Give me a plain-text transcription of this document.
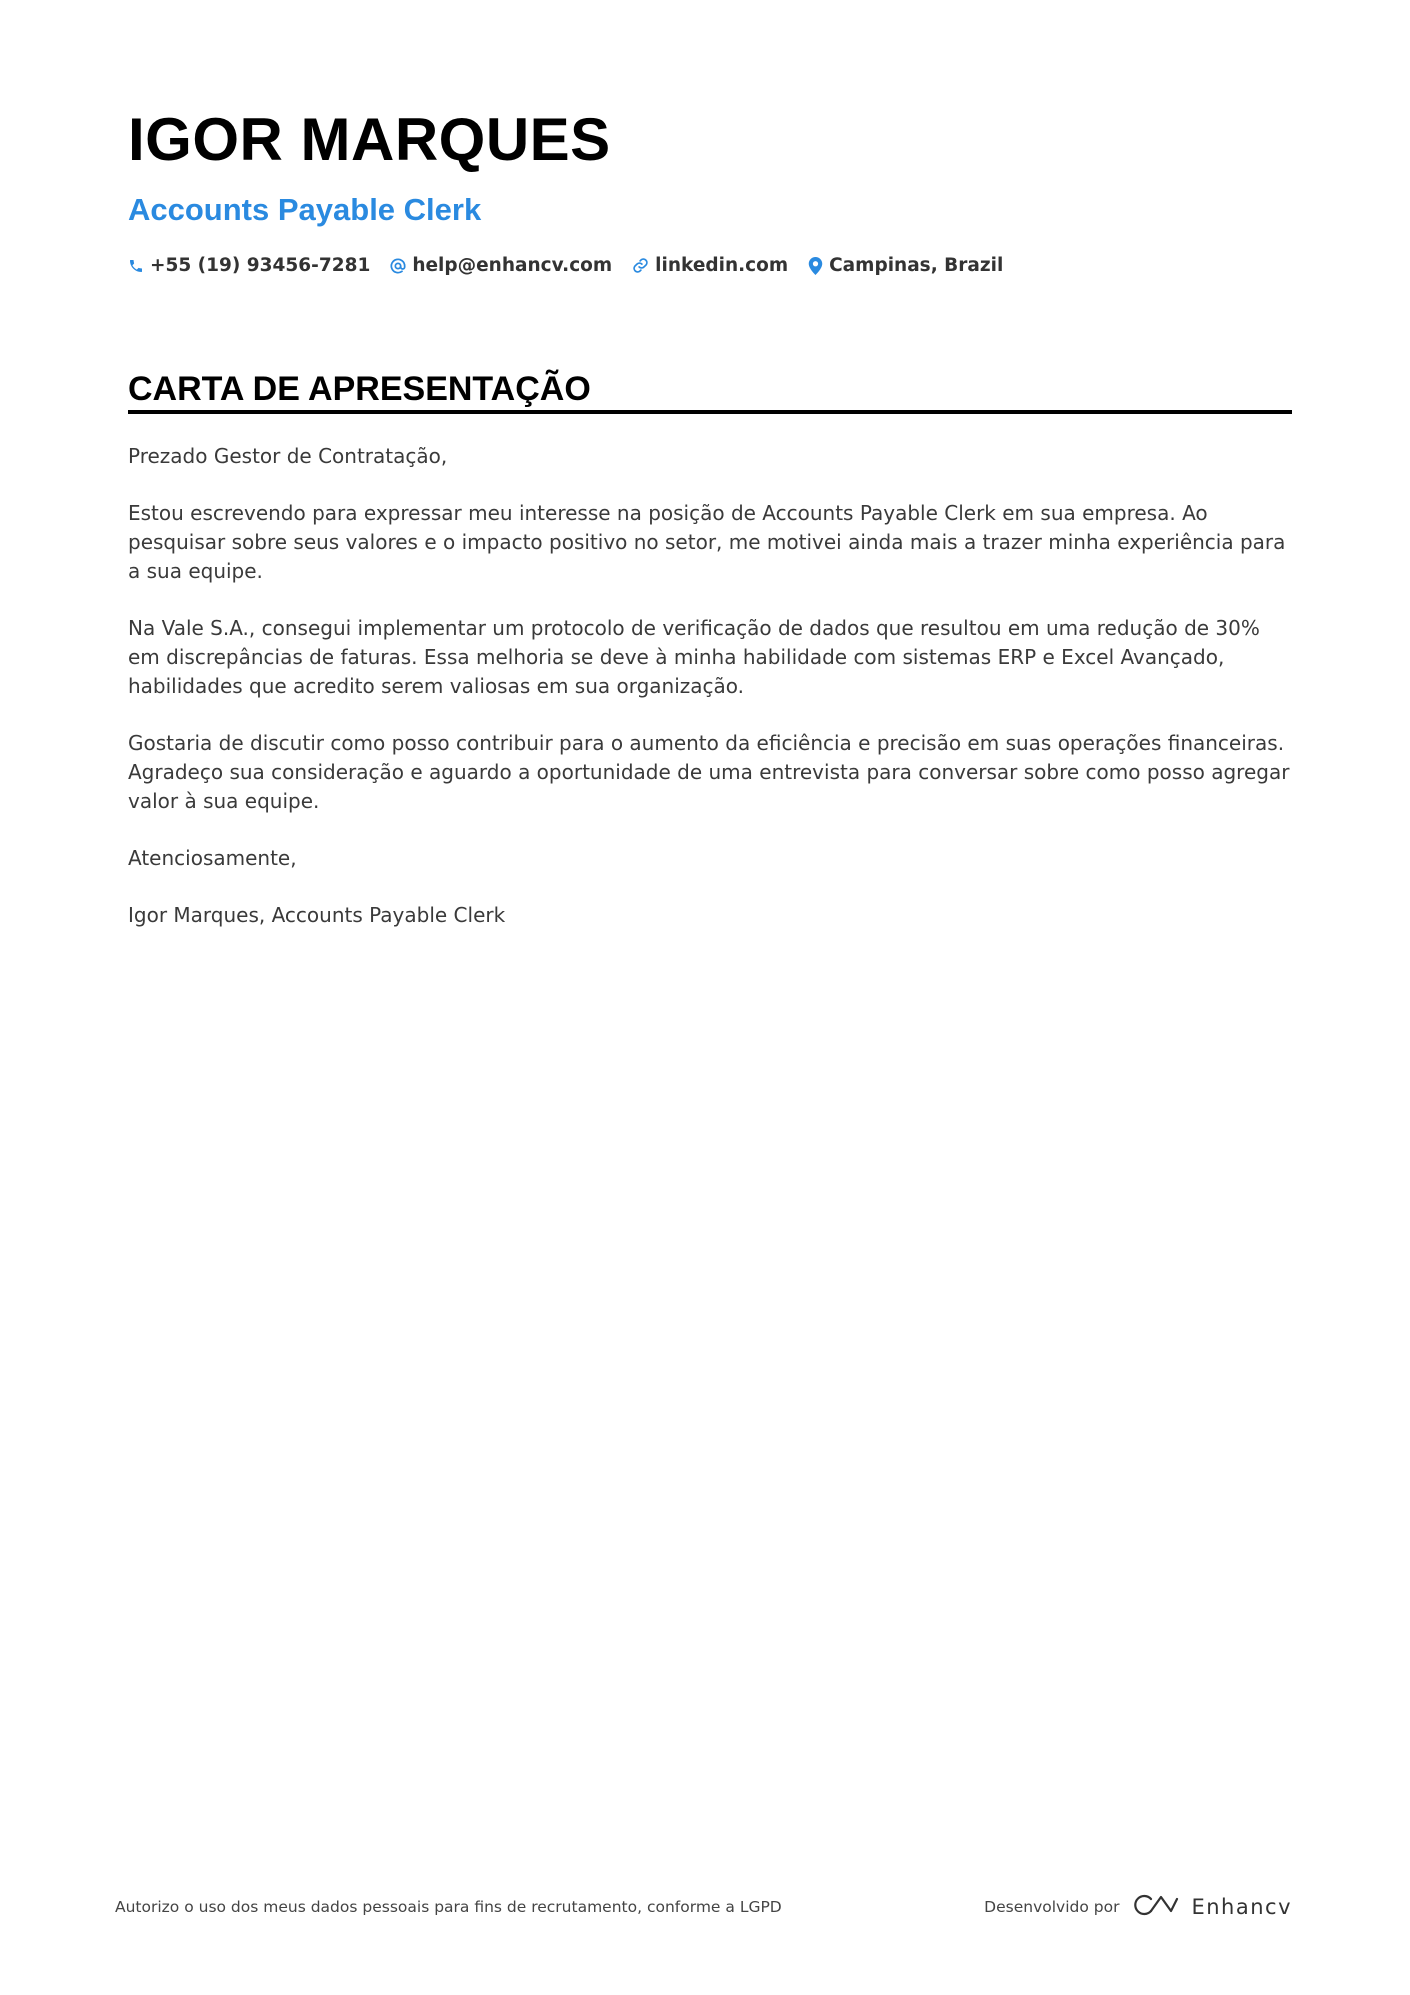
IGOR MARQUES
Accounts Payable Clerk
+55 (19) 93456-7281 help@enhancv.com linkedin.com Campinas, Brazil
CARTA DE APRESENTAÇÃO

Prezado Gestor de Contratação,

Estou escrevendo para expressar meu interesse na posição de Accounts Payable Clerk em sua empresa. Ao pesquisar sobre seus valores e o impacto positivo no setor, me motivei ainda mais a trazer minha experiência para a sua equipe.

Na Vale S.A., consegui implementar um protocolo de verificação de dados que resultou em uma redução de 30% em discrepâncias de faturas. Essa melhoria se deve à minha habilidade com sistemas ERP e Excel Avançado, habilidades que acredito serem valiosas em sua organização.

Gostaria de discutir como posso contribuir para o aumento da eficiência e precisão em suas operações financeiras. Agradeço sua consideração e aguardo a oportunidade de uma entrevista para conversar sobre como posso agregar valor à sua equipe.

Atenciosamente,

Igor Marques, Accounts Payable Clerk

Autorizo o uso dos meus dados pessoais para fins de recrutamento, conforme a LGPD	Desenvolvido por	Enhancv
